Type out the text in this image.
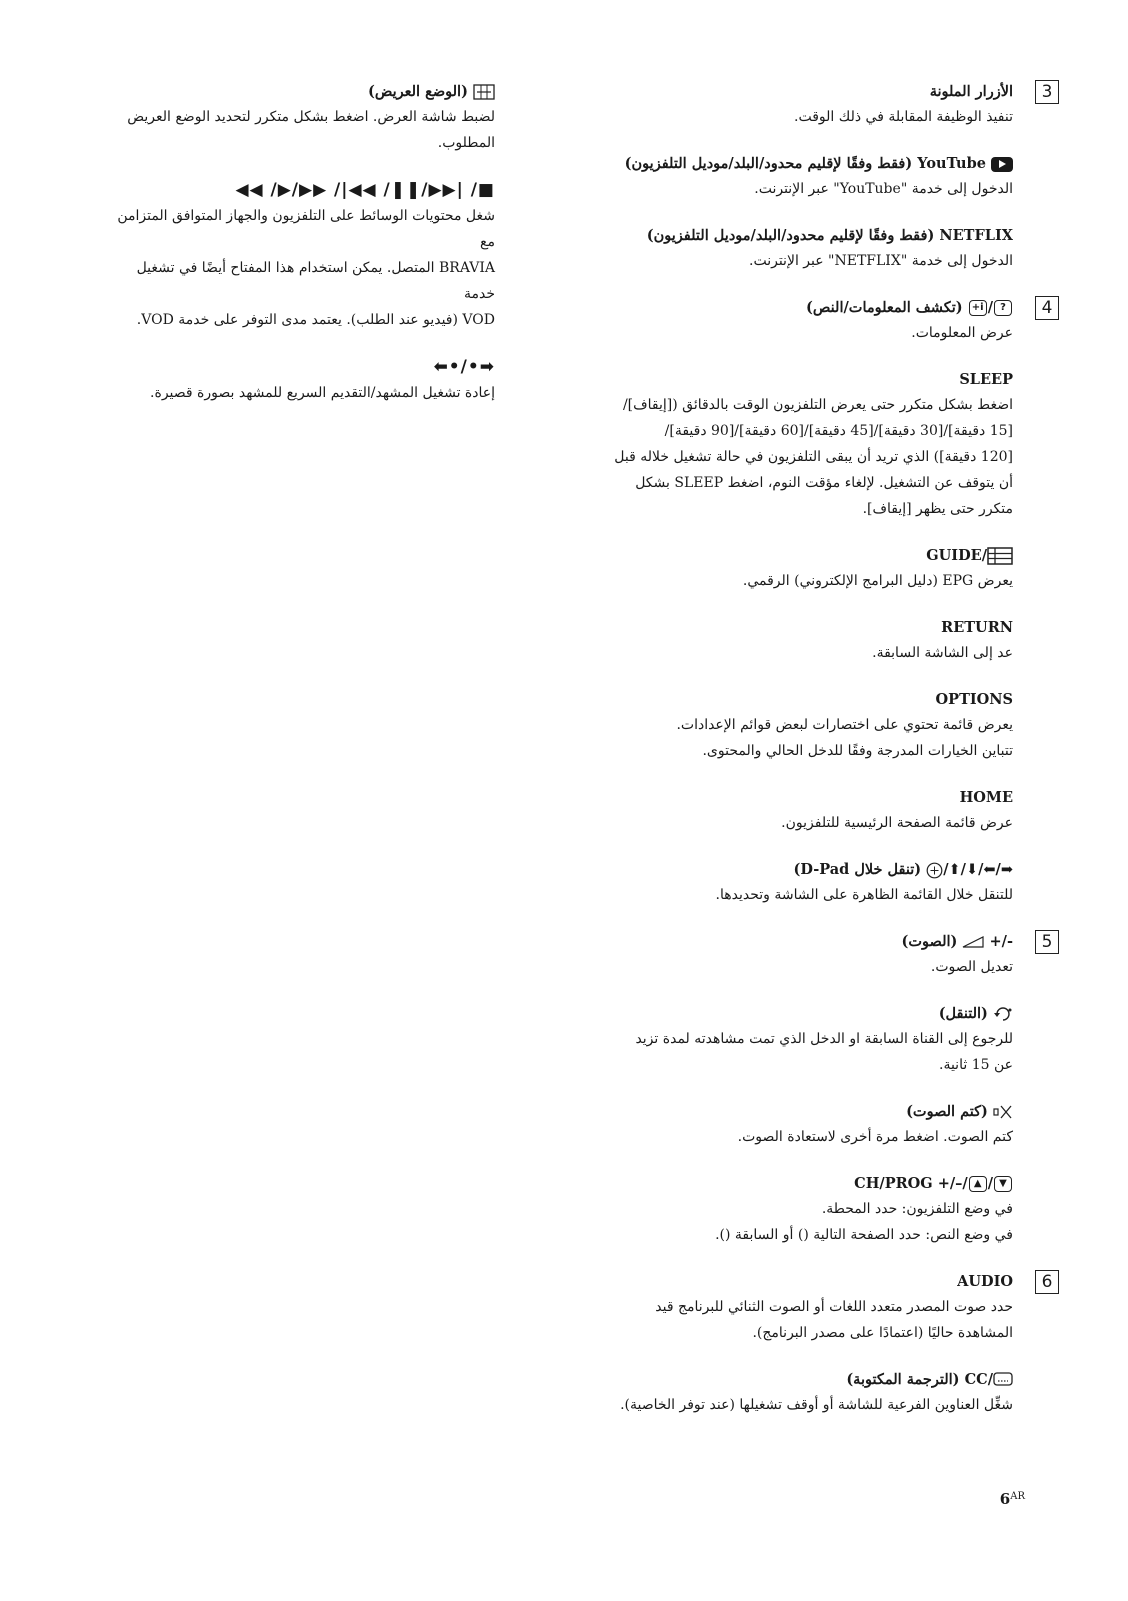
3

الأزرار الملونة

تنفيذ الوظيفة المقابلة في ذلك الوقت.

YouTube (فقط وفقًا لإقليم محدود/البلد/موديل التلفزيون)

الدخول إلى خدمة "YouTube" عبر الإنترنت.

NETFLIX (فقط وفقًا لإقليم محدود/البلد/موديل التلفزيون)

الدخول إلى خدمة "NETFLIX" عبر الإنترنت.

4

?/i+ (تكشف المعلومات/النص)

عرض المعلومات.

SLEEP

اضغط بشكل متكرر حتى يعرض التلفزيون الوقت بالدقائق ([إيقاف]/

[15 دقيقة]/[30 دقيقة]/[45 دقيقة]/[60 دقيقة]/[90 دقيقة]/

[120 دقيقة]) الذي تريد أن يبقى التلفزيون في حالة تشغيل خلاله قبل

أن يتوقف عن التشغيل. لإلغاء مؤقت النوم، اضغط SLEEP بشكل

متكرر حتى يظهر [إيقاف].

GUIDE/

يعرض EPG (دليل البرامج الإلكتروني) الرقمي.

RETURN

عد إلى الشاشة السابقة.

OPTIONS

يعرض قائمة تحتوي على اختصارات لبعض قوائم الإعدادات.

تتباين الخيارات المدرجة وفقًا للدخل الحالي والمحتوى.

HOME

عرض قائمة الصفحة الرئيسية للتلفزيون.

/⬆/⬇/⬅/➡ (تنقل خلال D-Pad)

للتنقل خلال القائمة الظاهرة على الشاشة وتحديدها.

5

+/- (الصوت)

تعديل الصوت.

(التنقل)

للرجوع إلى القناة السابقة او الدخل الذي تمت مشاهدته لمدة تزيد

عن 15 ثانية.

(كتم الصوت)

كتم الصوت. اضغط مرة أخرى لاستعادة الصوت.

CH/PROG +/–/ ▲ / ▼

في وضع التلفزيون: حدد المحطة.

في وضع النص: حدد الصفحة التالية () أو السابقة ().

6

AUDIO

حدد صوت المصدر متعدد اللغات أو الصوت الثنائي للبرنامج قيد

المشاهدة حاليًا (اعتمادًا على مصدر البرنامج).

CC/ (الترجمة المكتوبة)

شغِّل العناوين الفرعية للشاشة أو أوقف تشغيلها (عند توفر الخاصية).

(الوضع العريض)

لضبط شاشة العرض. اضغط بشكل متكرر لتحديد الوضع العريض

المطلوب.

◀◀ /▶/▶▶ /|◀◀ /❚❚/▶▶| /■

شغل محتويات الوسائط على التلفزيون والجهاز المتوافق المتزامن مع

BRAVIA المتصل. يمكن استخدام هذا المفتاح أيضًا في تشغيل خدمة

VOD (فيديو عند الطلب). يعتمد مدى التوفر على خدمة VOD.

⬅•/•➡

إعادة تشغيل المشهد/التقديم السريع للمشهد بصورة قصيرة.

$6^{AR}$
